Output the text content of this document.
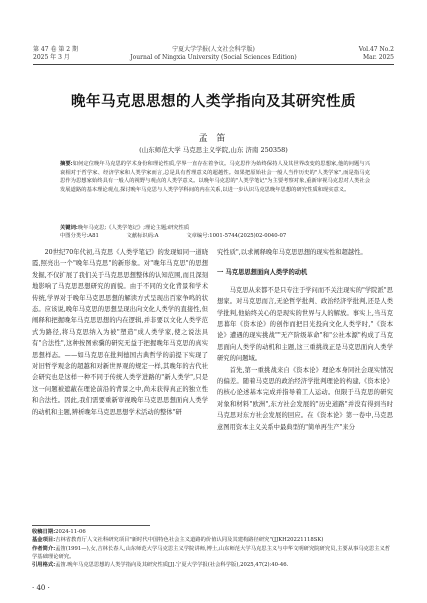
第 47 卷 第 2 期
2025 年 3 月
宁夏大学学报(人文社会科学版)
Journal of Ningxia University (Social Sciences Edition)
Vol.47 No.2
Mar. 2025
晚年马克思思想的人类学指向及其研究性质
孟 笛
(山东师范大学 马克思主义学院,山东 济南 250358)
摘要:如何定位晚年马克思的学术身份和理论性质,学界一直存在着争议。马克思作为始终保持人及其世界改变的思想家,他的问题与兴衰相对于哲学家、经济学家和人类学家而言,总是具有哲理意义的超越性。如果把原始社会一般人当作历史的"人类学家",而是指马克思作为思想家始终具有一般人的视野与观点的人类学意义。以晚年马克思的"人类学笔记"为主要考察对象,重新审视马克思对人类社会发展道路的基本理论观点,探讨晚年马克思与人类学学科间的内在关系,以进一步认识马克思晚年思想的研究性质和现实意义。
关键词:晚年马克思;《人类学笔记》;理论主题;研究性质
中图分类号:A81	文献标识码:A	文章编号:1001-5744(2025)02-0040-07

20世纪70年代初,马克思《人类学笔记》的发现如同一道晓霞,照亮出一个"晚年马克思"的新形象。对"晚年马克思"的思想发掘,不仅扩展了我们关于马克思思想整体的认知范围,而且深刻地影响了马克思思想研究的面貌。由于不同的文化背景和学术传统,学界对于晚年马克思思想的解读方式呈现出百家争鸣的状态。应该说,晚年马克思的思想呈现出向文化人类学的直接性,但阐释和把握晚年马克思思想的内在逻辑,并非要以文化人类学范式为路径,将马克思纳入为被"塑造"成人类学家,使之说法具有"合法性",这种按图索骥的研究无益于把握晚年马克思的真实思想样态。——如马克思在批判德国古典哲学的前提下实现了对旧哲学观念的超越和对新世界观的规定一样,其晚年的古代社会研究也是这样一种不同于传统人类学进路的"新人类学",只是这一问题被遮蔽在理论前沿的背景之中,尚未获得真正的独立性和合法性。因此,我们需要重新审视晚年马克思思想面向人类学的动机和主题,辨析晚年马克思思想学术活动的整体"研

究性质",以求阐释晚年马克思思想的现实性和超越性。

一 马克思思想面向人类学的动机

马克思从来都不是只专注于学问而不关注现实的"学院派"思想家。对马克思而言,无论哲学批判、政治经济学批判,还是人类学批判,他始终关心的是现实的世界与人的解放。事实上,当马克思暮年《资本论》的创作而把目光投向文化人类学时,"《资本论》遭遇的现实挑战""无产阶级革命"和"公社本源"构成了马克思面向人类学的动机和主题,这三重挑战正是马克思面向人类学研究的问题域。

首先,第一重挑战来自《资本论》理论本身同社会现实情况的偏差。随着马克思的政治经济学批判理论的构建,《资本论》的核心论述基本完成并指导着工人运动。但限于马克思的研究对象和材料"欧洲",东方社会发展的"历史道路"并没有得到当时马克思对东方社会发展的回应。在《资本论》第一卷中,马克思意图用资本主义关系中最典型的"简单再生产"来分

收稿日期:2024-11-06

基金项目:吉林省教育厅人文社科研究项目"新时代中国特色社会主义道路的价值认同及其建构路径研究"(JJKH20221118SK)

作者简介:孟笛(1991—),女,吉林长春人,山东师范大学马克思主义学院讲师,博士,山东师范大学马克思主义与中华文明研究院研究员,主要从事马克思主义哲学基础理论研究。

引用格式:孟笛.晚年马克思思想的人类学指向及其研究性质[J].宁夏大学学报(社会科学版),2025,47(2):40-46.

· 40 ·
